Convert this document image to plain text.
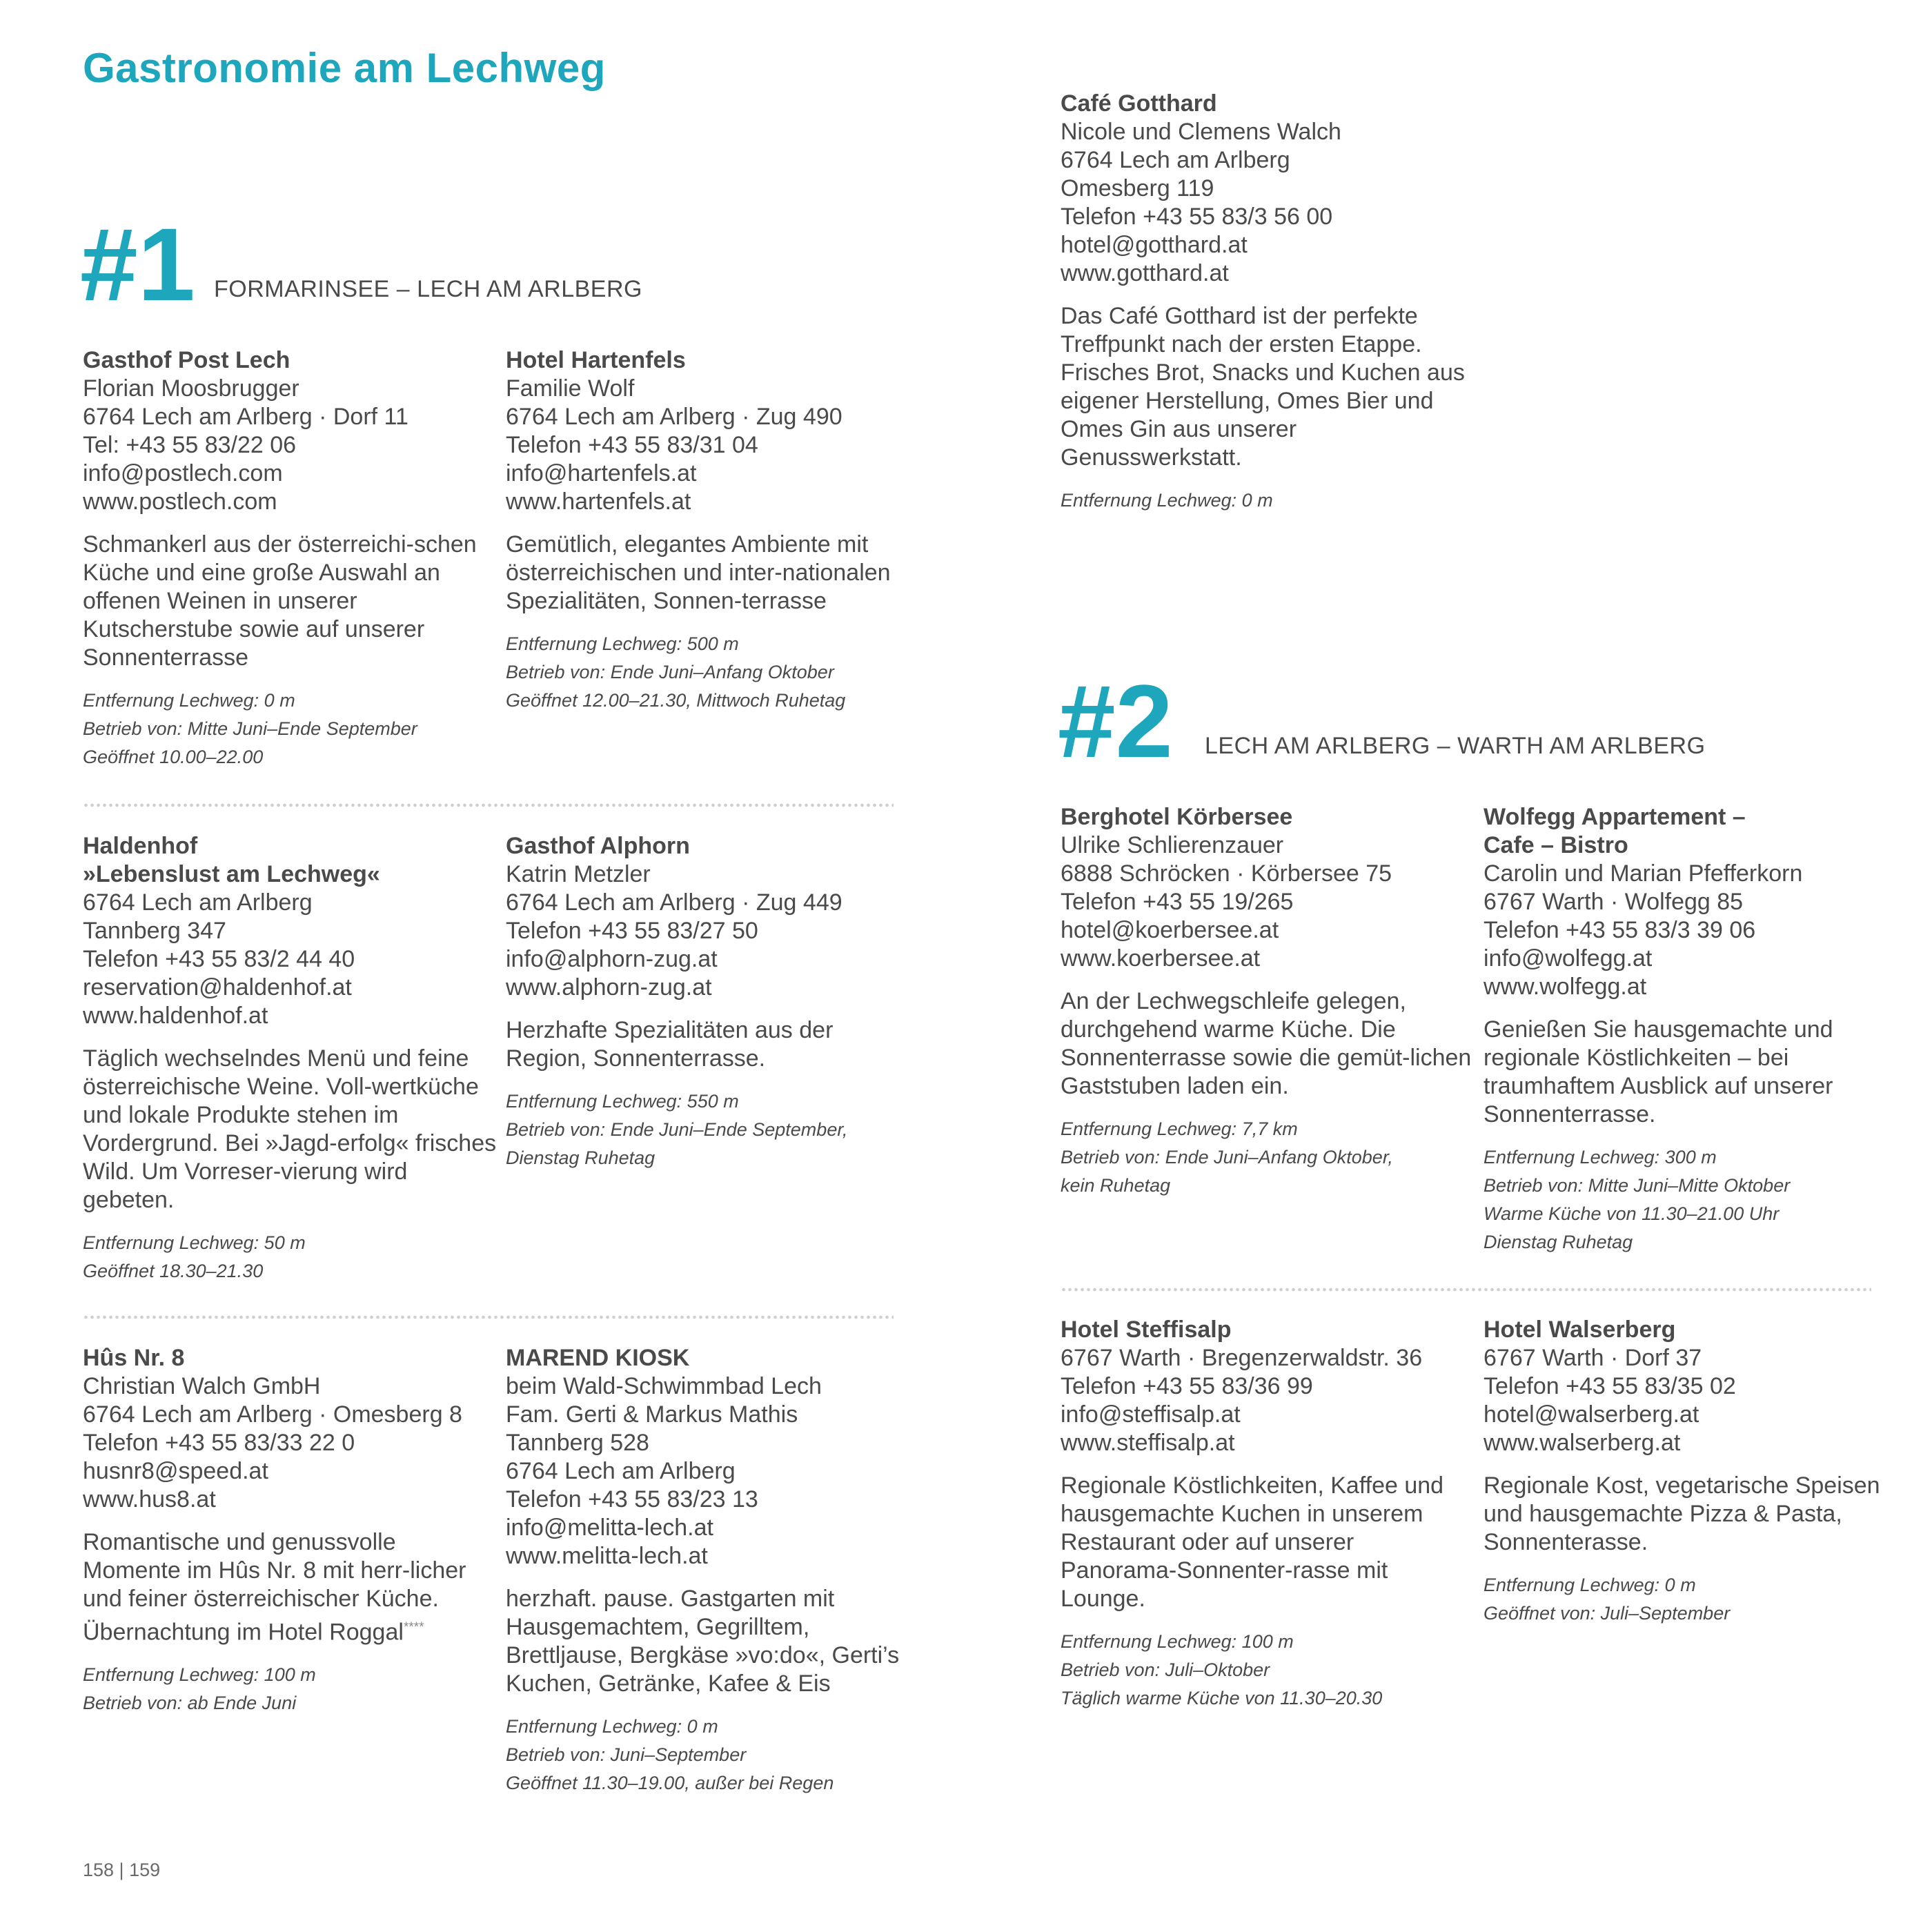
Gastronomie am Lechweg
#1 FORMARINSEE – LECH AM ARLBERG
#2 LECH AM ARLBERG – WARTH AM ARLBERG
Gasthof Post Lech
Florian Moosbrugger
6764 Lech am Arlberg · Dorf 11
Tel: +43 55 83/22 06
info@postlech.com
www.postlech.com
Schmankerl aus der österreichi-schen Küche und eine große Auswahl an offenen Weinen in unserer Kutscherstube sowie auf unserer Sonnenterrasse
Entfernung Lechweg: 0 m
Betrieb von: Mitte Juni–Ende September
Geöffnet 10.00–22.00
Hotel Hartenfels
Familie Wolf
6764 Lech am Arlberg · Zug 490
Telefon +43 55 83/31 04
info@hartenfels.at
www.hartenfels.at
Gemütlich, elegantes Ambiente mit österreichischen und inter-nationalen Spezialitäten, Sonnen-terrasse
Entfernung Lechweg: 500 m
Betrieb von: Ende Juni–Anfang Oktober
Geöffnet 12.00–21.30, Mittwoch Ruhetag
Haldenhof
»Lebenslust am Lechweg«
6764 Lech am Arlberg
Tannberg 347
Telefon +43 55 83/2 44 40
reservation@haldenhof.at
www.haldenhof.at
Täglich wechselndes Menü und feine österreichische Weine. Voll-wertküche und lokale Produkte stehen im Vordergrund. Bei »Jagd-erfolg« frisches Wild. Um Vorreser-vierung wird gebeten.
Entfernung Lechweg: 50 m
Geöffnet 18.30–21.30
Gasthof Alphorn
Katrin Metzler
6764 Lech am Arlberg · Zug 449
Telefon +43 55 83/27 50
info@alphorn-zug.at
www.alphorn-zug.at
Herzhafte Spezialitäten aus der Region, Sonnenterrasse.
Entfernung Lechweg: 550 m
Betrieb von: Ende Juni–Ende September,
Dienstag Ruhetag
Hûs Nr. 8
Christian Walch GmbH
6764 Lech am Arlberg · Omesberg 8
Telefon +43 55 83/33 22 0
husnr8@speed.at
www.hus8.at
Romantische und genussvolle Momente im Hûs Nr. 8 mit herr-licher und feiner österreichischer Küche. Übernachtung im Hotel Roggal****
Entfernung Lechweg: 100 m
Betrieb von: ab Ende Juni
MAREND KIOSK
beim Wald-Schwimmbad Lech
Fam. Gerti & Markus Mathis
Tannberg 528
6764 Lech am Arlberg
Telefon +43 55 83/23 13
info@melitta-lech.at
www.melitta-lech.at
herzhaft. pause. Gastgarten mit Hausgemachtem, Gegrilltem, Brettljause, Bergkäse »vo:do«, Gerti’s Kuchen, Getränke, Kafee & Eis
Entfernung Lechweg: 0 m
Betrieb von: Juni–September
Geöffnet 11.30–19.00, außer bei Regen
Café Gotthard
Nicole und Clemens Walch
6764 Lech am Arlberg
Omesberg 119
Telefon +43 55 83/3 56 00
hotel@gotthard.at
www.gotthard.at
Das Café Gotthard ist der perfekte Treffpunkt nach der ersten Etappe. Frisches Brot, Snacks und Kuchen aus eigener Herstellung, Omes Bier und Omes Gin aus unserer Genusswerkstatt.
Entfernung Lechweg: 0 m
Berghotel Körbersee
Ulrike Schlierenzauer
6888 Schröcken · Körbersee 75
Telefon +43 55 19/265
hotel@koerbersee.at
www.koerbersee.at
An der Lechwegschleife gelegen, durchgehend warme Küche. Die Sonnenterrasse sowie die gemüt-lichen Gaststuben laden ein.
Entfernung Lechweg: 7,7 km
Betrieb von: Ende Juni–Anfang Oktober,
kein Ruhetag
Wolfegg Appartement –
Cafe – Bistro
Carolin und Marian Pfefferkorn
6767 Warth · Wolfegg 85
Telefon +43 55 83/3 39 06
info@wolfegg.at
www.wolfegg.at
Genießen Sie hausgemachte und regionale Köstlichkeiten – bei traumhaftem Ausblick auf unserer Sonnenterrasse.
Entfernung Lechweg: 300 m
Betrieb von: Mitte Juni–Mitte Oktober
Warme Küche von 11.30–21.00 Uhr
Dienstag Ruhetag
Hotel Steffisalp
6767 Warth · Bregenzerwaldstr. 36
Telefon +43 55 83/36 99
info@steffisalp.at
www.steffisalp.at
Regionale Köstlichkeiten, Kaffee und hausgemachte Kuchen in unserem Restaurant oder auf unserer Panorama-Sonnenter-rasse mit Lounge.
Entfernung Lechweg: 100 m
Betrieb von: Juli–Oktober
Täglich warme Küche von 11.30–20.30
Hotel Walserberg
6767 Warth · Dorf 37
Telefon +43 55 83/35 02
hotel@walserberg.at
www.walserberg.at
Regionale Kost, vegetarische Speisen und hausgemachte Pizza & Pasta, Sonnenterasse.
Entfernung Lechweg: 0 m
Geöffnet von: Juli–September
158 | 159
